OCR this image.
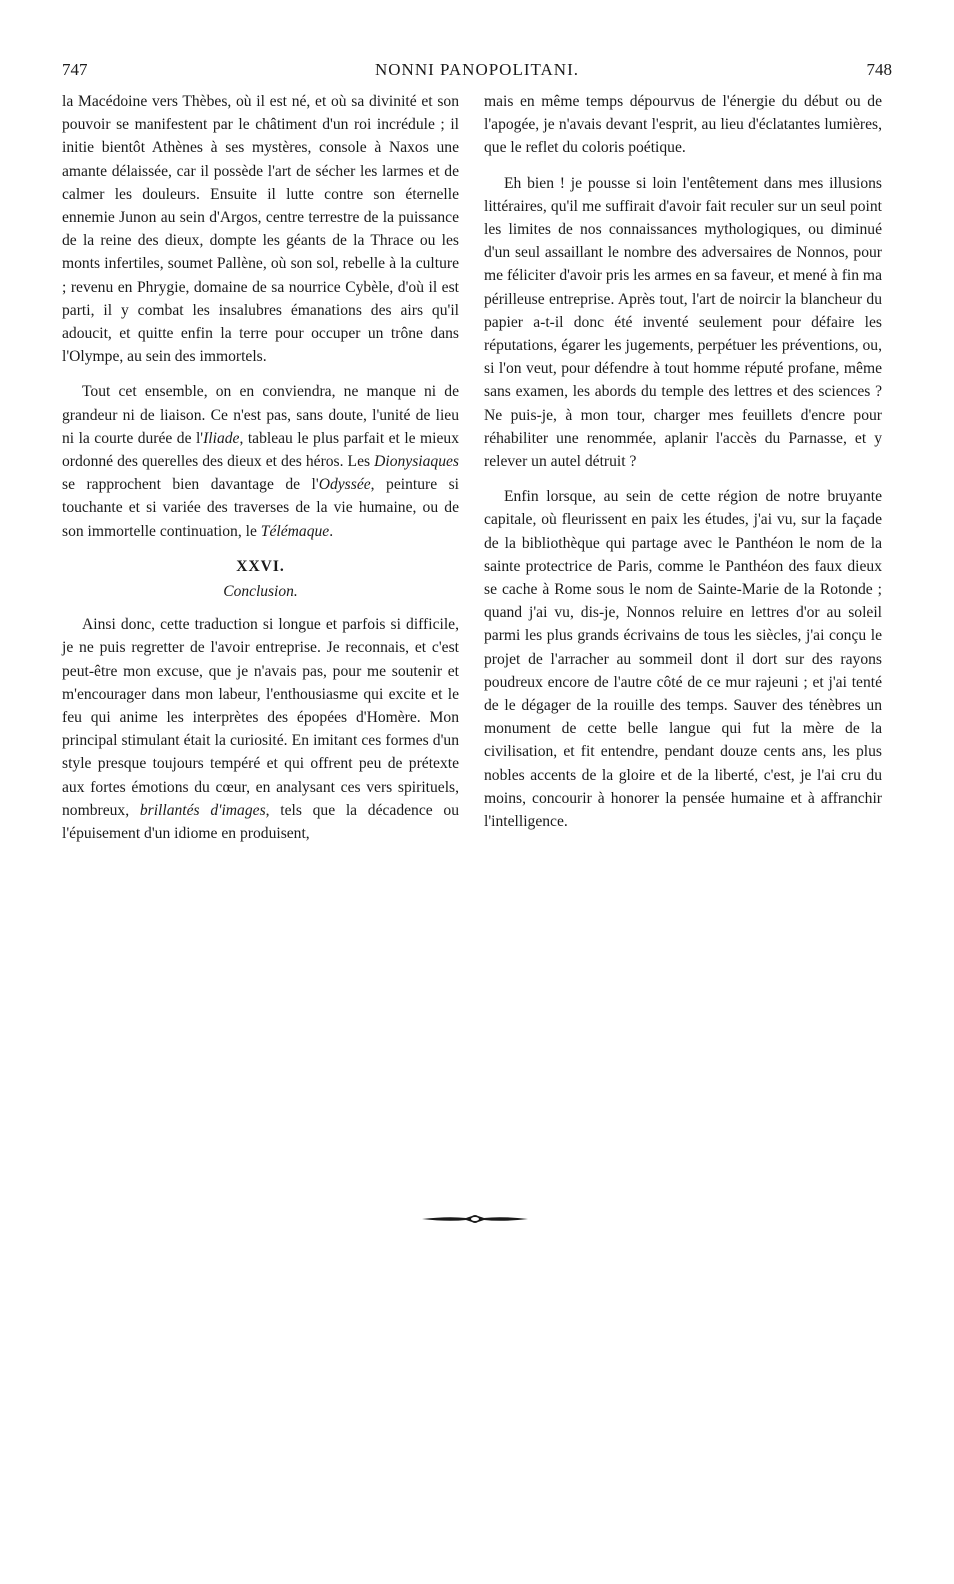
747	NONNI PANOPOLITANI.	748

la Macédoine vers Thèbes, où il est né, et où sa divinité et son pouvoir se manifestent par le châtiment d'un roi incrédule ; il initie bientôt Athènes à ses mystères, console à Naxos une amante délaissée, car il possède l'art de sécher les larmes et de calmer les douleurs. Ensuite il lutte contre son éternelle ennemie Junon au sein d'Argos, centre terrestre de la puissance de la reine des dieux, dompte les géants de la Thrace ou les monts infertiles, soumet Pallène, où son sol, rebelle à la culture ; revenu en Phrygie, domaine de sa nourrice Cybèle, d'où il est parti, il y combat les insalubres émanations des airs qu'il adoucit, et quitte enfin la terre pour occuper un trône dans l'Olympe, au sein des immortels.

Tout cet ensemble, on en conviendra, ne manque ni de grandeur ni de liaison. Ce n'est pas, sans doute, l'unité de lieu ni la courte durée de l'Iliade, tableau le plus parfait et le mieux ordonné des querelles des dieux et des héros. Les Dionysiaques se rapprochent bien davantage de l'Odyssée, peinture si touchante et si variée des traverses de la vie humaine, ou de son immortelle continuation, le Télémaque.

XXVI.
Conclusion.

Ainsi donc, cette traduction si longue et parfois si difficile, je ne puis regretter de l'avoir entreprise. Je reconnais, et c'est peut-être mon excuse, que je n'avais pas, pour me soutenir et m'encourager dans mon labeur, l'enthousiasme qui excite et le feu qui anime les interprètes des épopées d'Homère. Mon principal stimulant était la curiosité. En imitant ces formes d'un style presque toujours tempéré et qui offrent peu de prétexte aux fortes émotions du cœur, en analysant ces vers spirituels, nombreux, brillantés d'images, tels que la décadence ou l'épuisement d'un idiome en produisent,

mais en même temps dépourvus de l'énergie du début ou de l'apogée, je n'avais devant l'esprit, au lieu d'éclatantes lumières, que le reflet du coloris poétique.

Eh bien ! je pousse si loin l'entêtement dans mes illusions littéraires, qu'il me suffirait d'avoir fait reculer sur un seul point les limites de nos connaissances mythologiques, ou diminué d'un seul assaillant le nombre des adversaires de Nonnos, pour me féliciter d'avoir pris les armes en sa faveur, et mené à fin ma périlleuse entreprise. Après tout, l'art de noircir la blancheur du papier a-t-il donc été inventé seulement pour défaire les réputations, égarer les jugements, perpétuer les préventions, ou, si l'on veut, pour défendre à tout homme réputé profane, même sans examen, les abords du temple des lettres et des sciences ? Ne puis-je, à mon tour, charger mes feuillets d'encre pour réhabiliter une renommée, aplanir l'accès du Parnasse, et y relever un autel détruit ?

Enfin lorsque, au sein de cette région de notre bruyante capitale, où fleurissent en paix les études, j'ai vu, sur la façade de la bibliothèque qui partage avec le Panthéon le nom de la sainte protectrice de Paris, comme le Panthéon des faux dieux se cache à Rome sous le nom de Sainte-Marie de la Rotonde ; quand j'ai vu, dis-je, Nonnos reluire en lettres d'or au soleil parmi les plus grands écrivains de tous les siècles, j'ai conçu le projet de l'arracher au sommeil dont il dort sur des rayons poudreux encore de l'autre côté de ce mur rajeuni ; et j'ai tenté de le dégager de la rouille des temps. Sauver des ténèbres un monument de cette belle langue qui fut la mère de la civilisation, et fit entendre, pendant douze cents ans, les plus nobles accents de la gloire et de la liberté, c'est, je l'ai cru du moins, concourir à honorer la pensée humaine et à affranchir l'intelligence.
